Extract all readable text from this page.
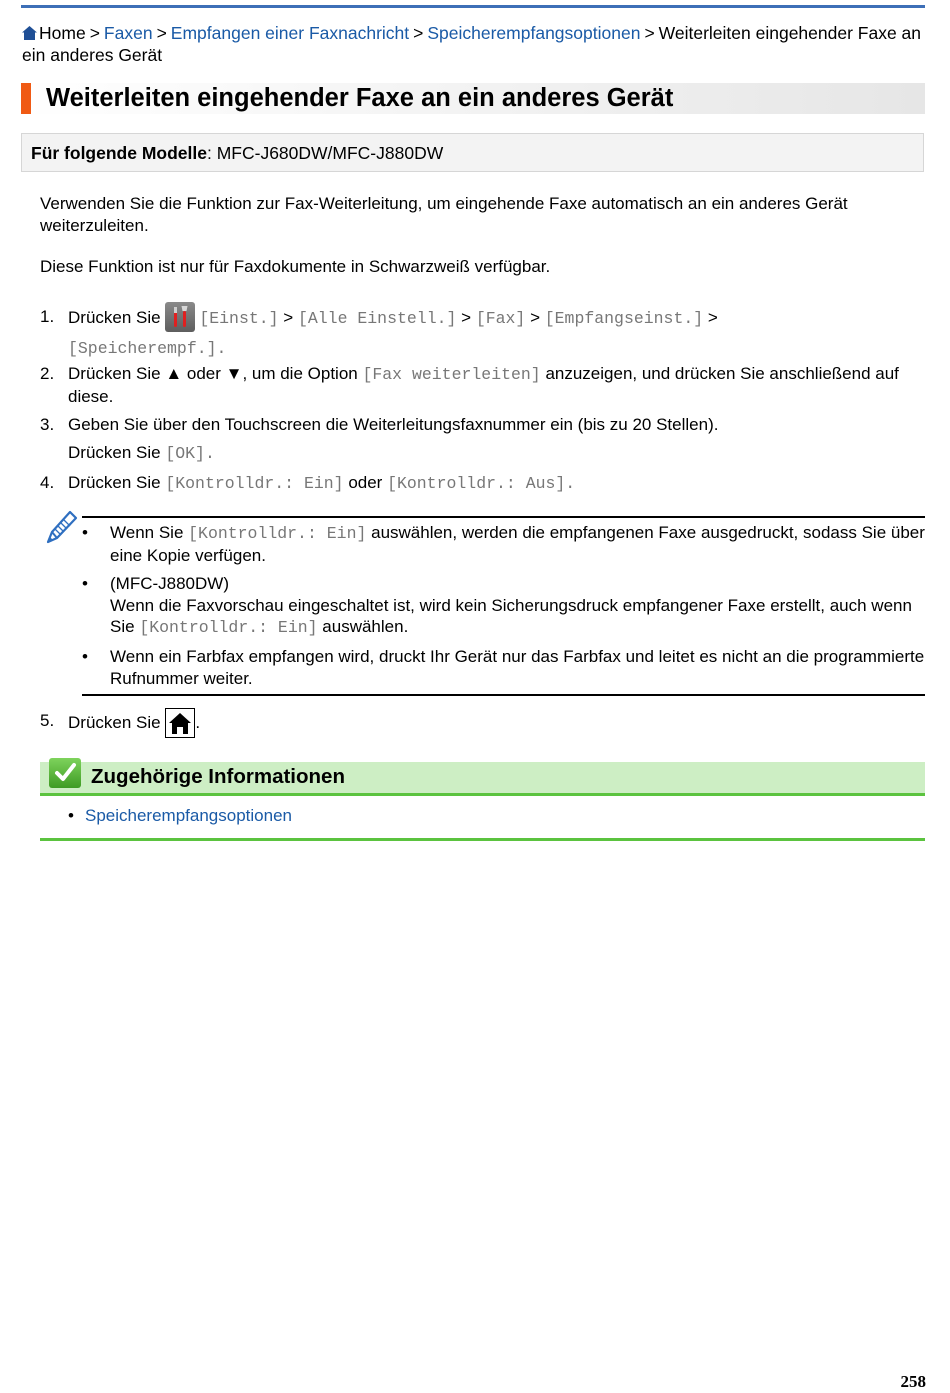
Home > Faxen > Empfangen einer Faxnachricht > Speicherempfangsoptionen > Weiterleiten eingehender Faxe an ein anderes Gerät
Weiterleiten eingehender Faxe an ein anderes Gerät
Für folgende Modelle: MFC-J680DW/MFC-J880DW
Verwenden Sie die Funktion zur Fax-Weiterleitung, um eingehende Faxe automatisch an ein anderes Gerät weiterzuleiten.
Diese Funktion ist nur für Faxdokumente in Schwarzweiß verfügbar.
1. Drücken Sie [Einst.] > [Alle Einstell.] > [Fax] > [Empfangseinst.] >
[Speicherempf.].
2. Drücken Sie ▲ oder ▼, um die Option [Fax weiterleiten] anzuzeigen, und drücken Sie anschließend auf diese.
3. Geben Sie über den Touchscreen die Weiterleitungsfaxnummer ein (bis zu 20 Stellen).
Drücken Sie [OK].
4. Drücken Sie [Kontrolldr.: Ein] oder [Kontrolldr.: Aus].
• Wenn Sie [Kontrolldr.: Ein] auswählen, werden die empfangenen Faxe ausgedruckt, sodass Sie über eine Kopie verfügen.
• (MFC-J880DW)
Wenn die Faxvorschau eingeschaltet ist, wird kein Sicherungsdruck empfangener Faxe erstellt, auch wenn Sie [Kontrolldr.: Ein] auswählen.
• Wenn ein Farbfax empfangen wird, druckt Ihr Gerät nur das Farbfax und leitet es nicht an die programmierte Rufnummer weiter.
5. Drücken Sie .
Zugehörige Informationen
• Speicherempfangsoptionen
258
